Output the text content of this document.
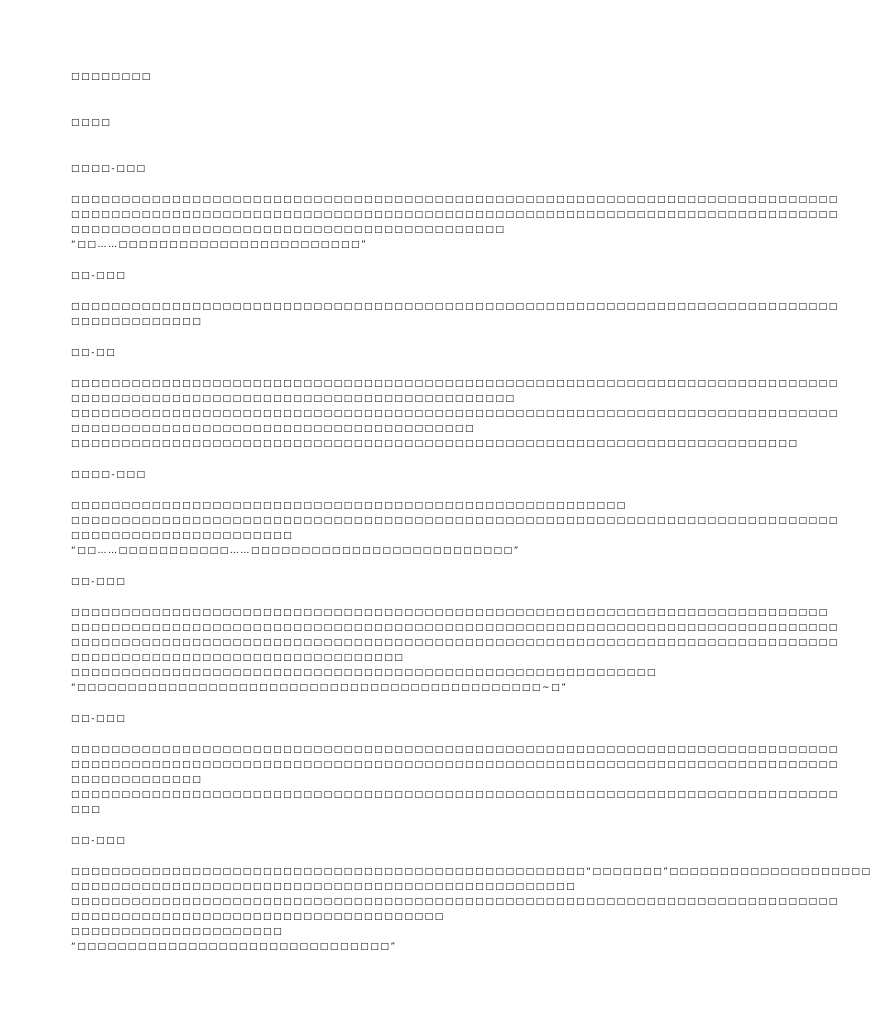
□□□□□□□□
□□□□
□□□□-□□□
□□□□□□□□□□□□□□□□□□□□□□□□□□□□□□□□□□□□□□□□□□□□□□□□□□□□□□□□□□□□□□□□□□□□□□□□□□□□
□□□□□□□□□□□□□□□□□□□□□□□□□□□□□□□□□□□□□□□□□□□□□□□□□□□□□□□□□□□□□□□□□□□□□□□□□□□□
□□□□□□□□□□□□□□□□□□□□□□□□□□□□□□□□□□□□□□□□□□□
“□□……□□□□□□□□□□□□□□□□□□□□□□□□”
□□-□□□
□□□□□□□□□□□□□□□□□□□□□□□□□□□□□□□□□□□□□□□□□□□□□□□□□□□□□□□□□□□□□□□□□□□□□□□□□□□□
□□□□□□□□□□□□□
□□-□□
□□□□□□□□□□□□□□□□□□□□□□□□□□□□□□□□□□□□□□□□□□□□□□□□□□□□□□□□□□□□□□□□□□□□□□□□□□□□
□□□□□□□□□□□□□□□□□□□□□□□□□□□□□□□□□□□□□□□□□□□□
□□□□□□□□□□□□□□□□□□□□□□□□□□□□□□□□□□□□□□□□□□□□□□□□□□□□□□□□□□□□□□□□□□□□□□□□□□□□
□□□□□□□□□□□□□□□□□□□□□□□□□□□□□□□□□□□□□□□□
□□□□□□□□□□□□□□□□□□□□□□□□□□□□□□□□□□□□□□□□□□□□□□□□□□□□□□□□□□□□□□□□□□□□□□□□
□□□□-□□□
□□□□□□□□□□□□□□□□□□□□□□□□□□□□□□□□□□□□□□□□□□□□□□□□□□□□□□□
□□□□□□□□□□□□□□□□□□□□□□□□□□□□□□□□□□□□□□□□□□□□□□□□□□□□□□□□□□□□□□□□□□□□□□□□□□□□
□□□□□□□□□□□□□□□□□□□□□□
“□□……□□□□□□□□□□□……□□□□□□□□□□□□□□□□□□□□□□□□□□”
□□-□□□
□□□□□□□□□□□□□□□□□□□□□□□□□□□□□□□□□□□□□□□□□□□□□□□□□□□□□□□□□□□□□□□□□□□□□□□□□□□
□□□□□□□□□□□□□□□□□□□□□□□□□□□□□□□□□□□□□□□□□□□□□□□□□□□□□□□□□□□□□□□□□□□□□□□□□□□□
□□□□□□□□□□□□□□□□□□□□□□□□□□□□□□□□□□□□□□□□□□□□□□□□□□□□□□□□□□□□□□□□□□□□□□□□□□□□
□□□□□□□□□□□□□□□□□□□□□□□□□□□□□□□□□
□□□□□□□□□□□□□□□□□□□□□□□□□□□□□□□□□□□□□□□□□□□□□□□□□□□□□□□□□□
“□□□□□□□□□□□□□□□□□□□□□□□□□□□□□□□□□□□□□□□□□□□□□□~□”
□□-□□□
□□□□□□□□□□□□□□□□□□□□□□□□□□□□□□□□□□□□□□□□□□□□□□□□□□□□□□□□□□□□□□□□□□□□□□□□□□□□
□□□□□□□□□□□□□□□□□□□□□□□□□□□□□□□□□□□□□□□□□□□□□□□□□□□□□□□□□□□□□□□□□□□□□□□□□□□□
□□□□□□□□□□□□□
□□□□□□□□□□□□□□□□□□□□□□□□□□□□□□□□□□□□□□□□□□□□□□□□□□□□□□□□□□□□□□□□□□□□□□□□□□□□
□□□
□□-□□□
□□□□□□□□□□□□□□□□□□□□□□□□□□□□□□□□□□□□□□□□□□□□□□□□□□□“□□□□□□□”□□□□□□□□□□□□□□□□□□□□
□□□□□□□□□□□□□□□□□□□□□□□□□□□□□□□□□□□□□□□□□□□□□□□□□□
□□□□□□□□□□□□□□□□□□□□□□□□□□□□□□□□□□□□□□□□□□□□□□□□□□□□□□□□□□□□□□□□□□□□□□□□□□□□
□□□□□□□□□□□□□□□□□□□□□□□□□□□□□□□□□□□□□
□□□□□□□□□□□□□□□□□□□□□
“□□□□□□□□□□□□□□□□□□□□□□□□□□□□□□□”
